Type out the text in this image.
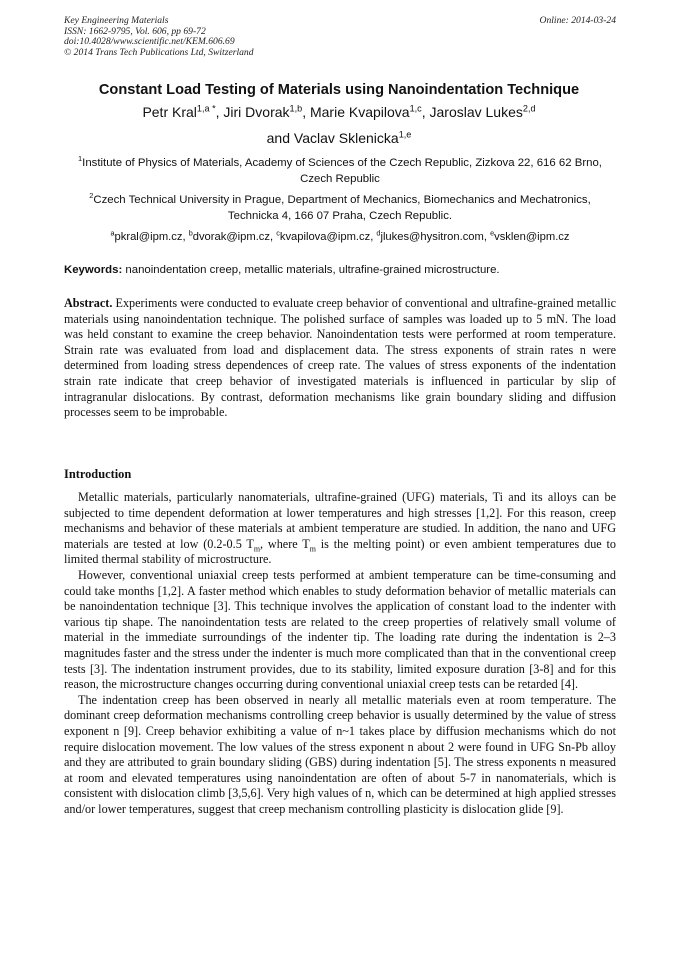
Key Engineering Materials
ISSN: 1662-9795, Vol. 606, pp 69-72
doi:10.4028/www.scientific.net/KEM.606.69
© 2014 Trans Tech Publications Ltd, Switzerland
Online: 2014-03-24
Constant Load Testing of Materials using Nanoindentation Technique
Petr Kral$^{1,a *}$, Jiri Dvorak$^{1,b}$, Marie Kvapilova$^{1,c}$, Jaroslav Lukes$^{2,d}$
and Vaclav Sklenicka$^{1,e}$
$^1$Institute of Physics of Materials, Academy of Sciences of the Czech Republic, Zizkova 22, 616 62 Brno, Czech Republic
$^2$Czech Technical University in Prague, Department of Mechanics, Biomechanics and Mechatronics, Technicka 4, 166 07 Praha, Czech Republic.
$^a$pkral@ipm.cz, $^b$dvorak@ipm.cz, $^c$kvapilova@ipm.cz, $^d$jlukes@hysitron.com, $^e$vsklen@ipm.cz
Keywords: nanoindentation creep, metallic materials, ultrafine-grained microstructure.
Abstract. Experiments were conducted to evaluate creep behavior of conventional and ultrafine-grained metallic materials using nanoindentation technique. The polished surface of samples was loaded up to 5 mN. The load was held constant to examine the creep behavior. Nanoindentation tests were performed at room temperature. Strain rate was evaluated from load and displacement data. The stress exponents of strain rates n were determined from loading stress dependences of creep rate. The values of stress exponents of the indentation strain rate indicate that creep behavior of investigated materials is influenced in particular by slip of intragranular dislocations. By contrast, deformation mechanisms like grain boundary sliding and diffusion processes seem to be improbable.
Introduction

Metallic materials, particularly nanomaterials, ultrafine-grained (UFG) materials, Ti and its alloys can be subjected to time dependent deformation at lower temperatures and high stresses [1,2]. For this reason, creep mechanisms and behavior of these materials at ambient temperature are studied. In addition, the nano and UFG materials are tested at low (0.2-0.5 $T_m$, where $T_m$ is the melting point) or even ambient temperatures due to limited thermal stability of microstructure.

However, conventional uniaxial creep tests performed at ambient temperature can be time-consuming and could take months [1,2]. A faster method which enables to study deformation behavior of metallic materials can be nanoindentation technique [3]. This technique involves the application of constant load to the indenter with various tip shape. The nanoindentation tests are related to the creep properties of relatively small volume of material in the immediate surroundings of the indenter tip. The loading rate during the indentation is 2–3 magnitudes faster and the stress under the indenter is much more complicated than that in the conventional creep tests [3]. The indentation instrument provides, due to its stability, limited exposure duration [3-8] and for this reason, the microstructure changes occurring during conventional uniaxial creep tests can be retarded [4].

The indentation creep has been observed in nearly all metallic materials even at room temperature. The dominant creep deformation mechanisms controlling creep behavior is usually determined by the value of stress exponent n [9]. Creep behavior exhibiting a value of n~1 takes place by diffusion mechanisms which do not require dislocation movement. The low values of the stress exponent n about 2 were found in UFG Sn-Pb alloy and they are attributed to grain boundary sliding (GBS) during indentation [5]. The stress exponents n measured at room and elevated temperatures using nanoindentation are often of about 5-7 in nanomaterials, which is consistent with dislocation climb [3,5,6]. Very high values of n, which can be determined at high applied stresses and/or lower temperatures, suggest that creep mechanism controlling plasticity is dislocation glide [9].
